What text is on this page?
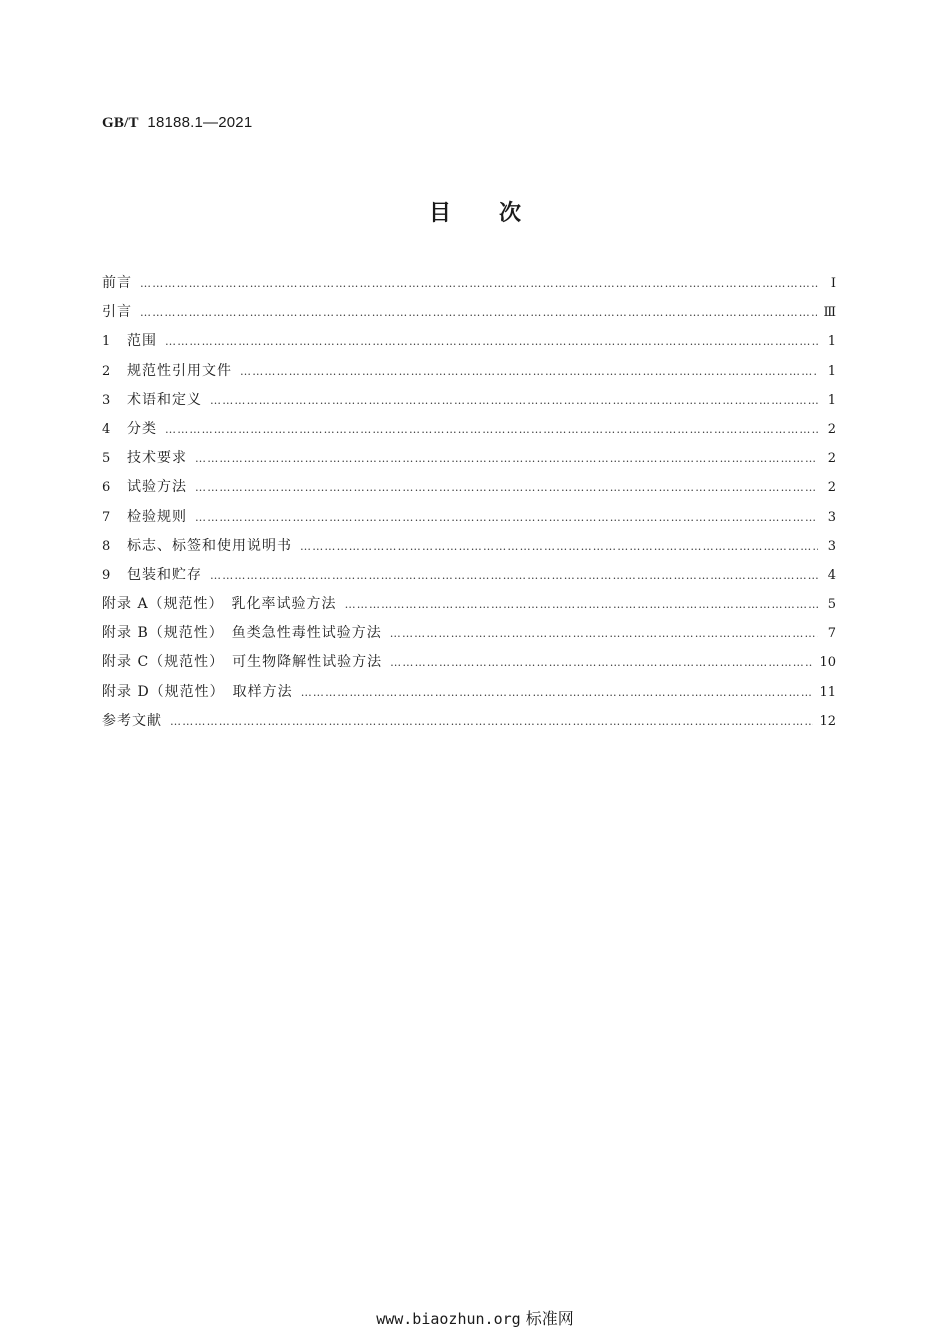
GB/T 18188.1—2021
目次
前言 ……………………………………………………………………………………………………………………………………………………………………………………………………………………	Ⅰ
引言 ……………………………………………………………………………………………………………………………………………………………………………………………………………………	Ⅲ
1	范围 ……………………………………………………………………………………………………………………………………………………………………………………………………………………	1
2	规范性引用文件 ……………………………………………………………………………………………………………………………………………………………………………………………………………………	1
3	术语和定义 ……………………………………………………………………………………………………………………………………………………………………………………………………………………	1
4	分类 ……………………………………………………………………………………………………………………………………………………………………………………………………………………	2
5	技术要求 ……………………………………………………………………………………………………………………………………………………………………………………………………………………	2
6	试验方法 ……………………………………………………………………………………………………………………………………………………………………………………………………………………	2
7	检验规则 ……………………………………………………………………………………………………………………………………………………………………………………………………………………	3
8	标志、标签和使用说明书 ……………………………………………………………………………………………………………………………………………………………………………………………………………………	3
9	包装和贮存 ……………………………………………………………………………………………………………………………………………………………………………………………………………………	4
附录 A（规范性）　乳化率试验方法 ……………………………………………………………………………………………………………………………………………………………………………………………………………………	5
附录 B（规范性）　鱼类急性毒性试验方法 ……………………………………………………………………………………………………………………………………………………………………………………………………………………	7
附录 C（规范性）　可生物降解性试验方法 ……………………………………………………………………………………………………………………………………………………………………………………………………………………	10
附录 D（规范性）　取样方法 ……………………………………………………………………………………………………………………………………………………………………………………………………………………	11
参考文献 ……………………………………………………………………………………………………………………………………………………………………………………………………………………	12
www.biaozhun.org 标准网
